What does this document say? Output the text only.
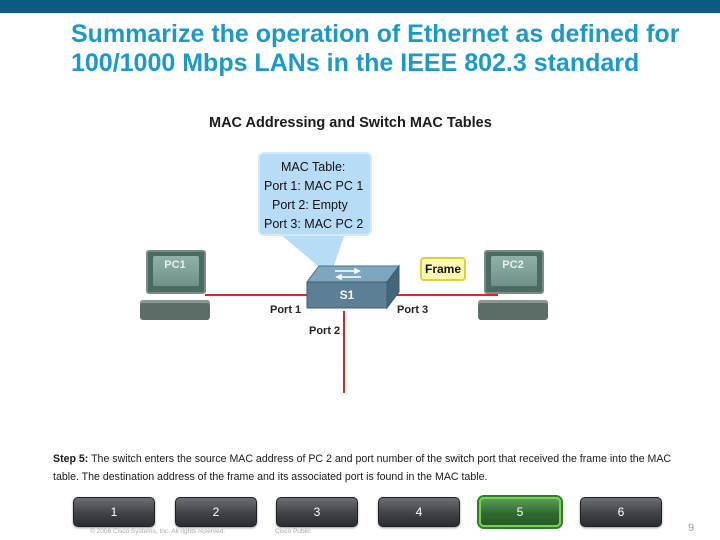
Summarize the operation of Ethernet as defined for 100/1000 Mbps LANs in the IEEE 802.3 standard
MAC Addressing and Switch MAC Tables
MAC Table:
Port 1: MAC PC 1
Port 2: Empty
Port 3: MAC PC 2
PC1	PC2
S1
Port 1	Port 3
Port 2
Frame
Step 5: The switch enters the source MAC address of PC 2 and port number of the switch port that received the frame into the MAC table. The destination address of the frame and its associated port is found in the MAC table.
1	2	3	4	5	6
© 2006 Cisco Systems, Inc. All rights reserved.	Cisco Public	9
